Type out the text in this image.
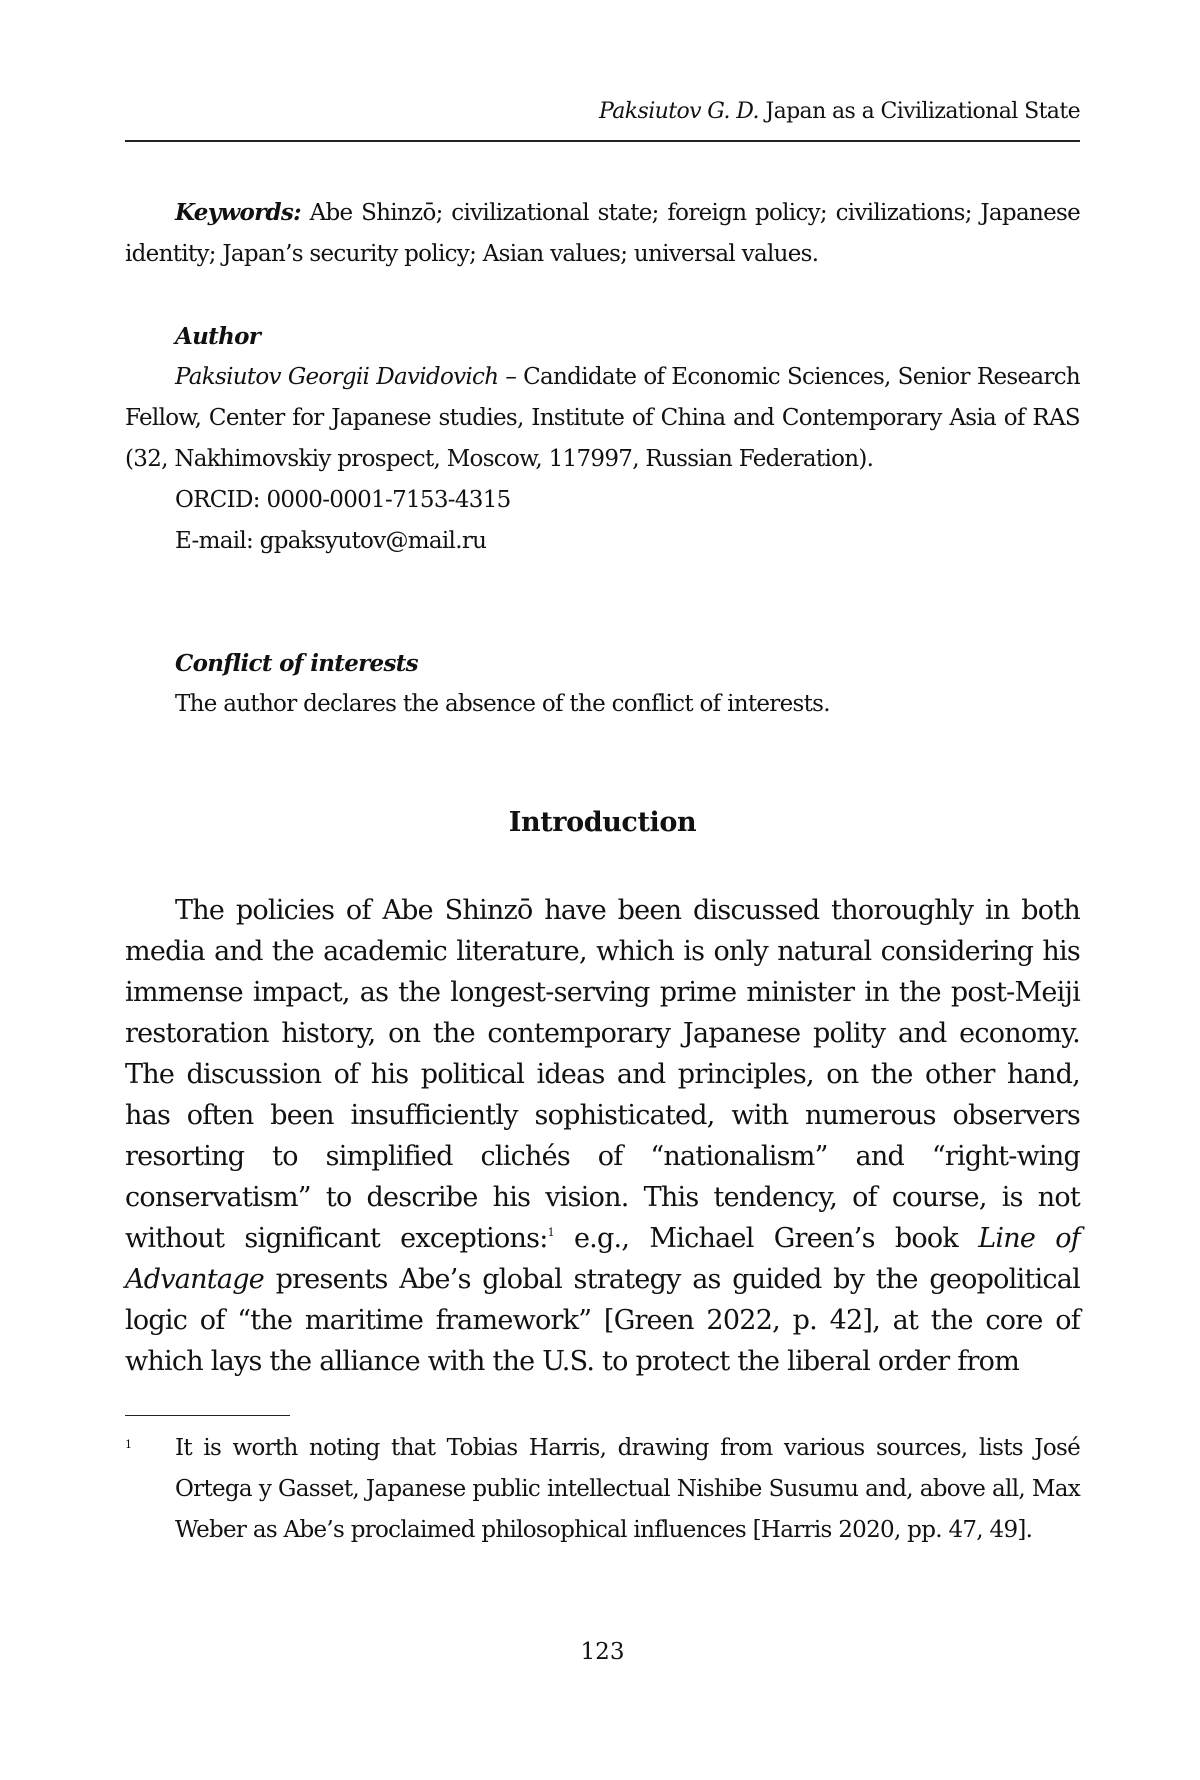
Paksiutov G. D. Japan as a Civilizational State

Keywords: Abe Shinzō; civilizational state; foreign policy; civilizations; Japanese identity; Japan’s security policy; Asian values; universal values.

Author

Paksiutov Georgii Davidovich – Candidate of Economic Sciences, Senior Research Fellow, Center for Japanese studies, Institute of China and Contemporary Asia of RAS (32, Nakhimovskiy prospect, Moscow, 117997, Russian Federation).

ORCID: 0000-0001-7153-4315

E-mail: gpaksyutov@mail.ru

Conflict of interests

The author declares the absence of the conflict of interests.

Introduction

The policies of Abe Shinzō have been discussed thoroughly in both media and the academic literature, which is only natural considering his immense impact, as the longest-serving prime minister in the post-Meiji restoration history, on the contemporary Japanese polity and economy. The discussion of his political ideas and principles, on the other hand, has often been insufficiently sophisticated, with numerous observers resorting to simplified clichés of “nationalism” and “right-wing conservatism” to describe his vision. This tendency, of course, is not without significant exceptions:$^1$ e.g., Michael Green’s book Line of Advantage presents Abe’s global strategy as guided by the geopolitical logic of “the maritime framework” [Green 2022, p. 42], at the core of which lays the alliance with the U.S. to protect the liberal order from

1 It is worth noting that Tobias Harris, drawing from various sources, lists José Ortega y Gasset, Japanese public intellectual Nishibe Susumu and, above all, Max Weber as Abe’s proclaimed philosophical influences [Harris 2020, pp. 47, 49].

123
